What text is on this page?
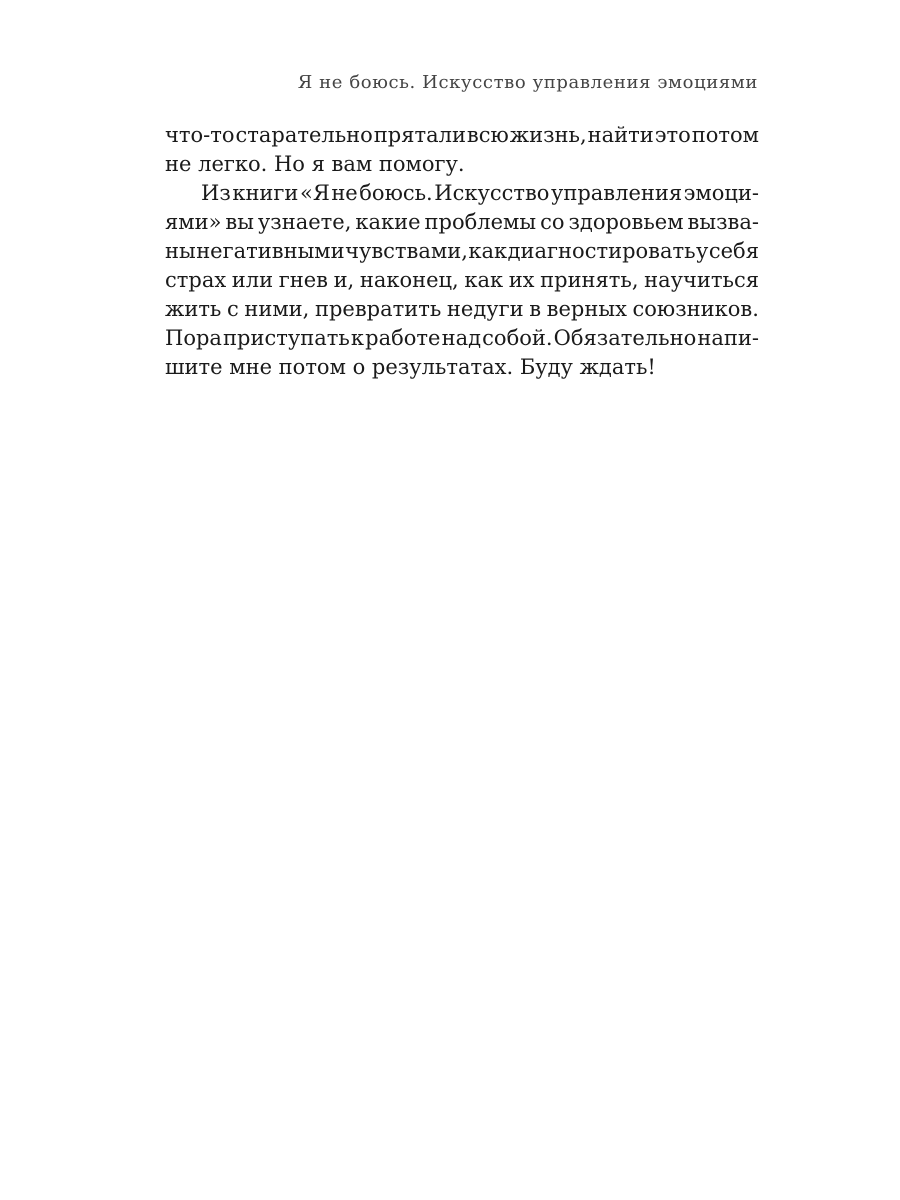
Я не боюсь. Искусство управления эмоциями
что-то старательно прятали всю жизнь, найти это потом
не легко. Но я вам помогу.
Из книги «Я не боюсь. Искусство управления эмоци-
ями» вы узнаете, какие проблемы со здоровьем вызва-
ны негативными чувствами, как диагностировать у себя
страх или гнев и, наконец, как их принять, научиться
жить с ними, превратить недуги в верных союзников.
Пора приступать к работе над собой. Обязательно напи-
шите мне потом о результатах. Буду ждать!
